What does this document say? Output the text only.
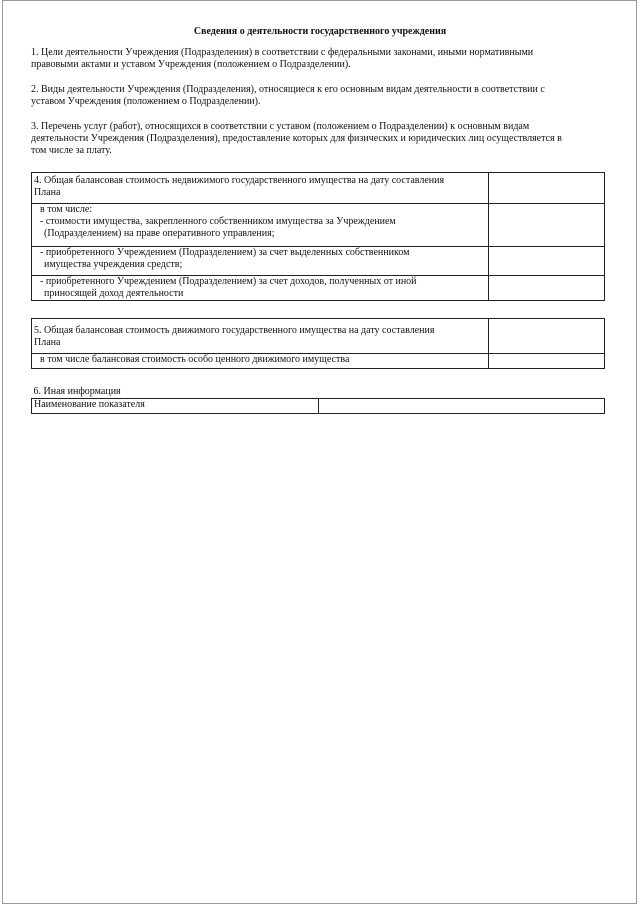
Сведения о деятельности государственного учреждения
1. Цели деятельности Учреждения (Подразделения) в соответствии с федеральными законами, иными нормативными
правовыми актами и уставом Учреждения (положением о Подразделении).
2. Виды деятельности Учреждения (Подразделения), относящиеся к его основным видам деятельности в соответствии с
уставом Учреждения (положением о Подразделении).
3. Перечень услуг (работ), относящихся в соответствии с уставом (положением о Подразделении) к основным видам
деятельности Учреждения (Подразделения), предоставление которых для физических и юридических лиц осуществляется в
том числе за плату.
4. Общая балансовая стоимость недвижимого государственного имущества на дату составления
Плана	

в том числе:
- стоимости имущества, закрепленного собственником имущества за Учреждением
(Подразделением) на праве оперативного управления;	

- приобретенного Учреждением (Подразделением) за счет выделенных собственником
имущества учреждения средств;	

- приобретенного Учреждением (Подразделением) за счет доходов, полученных от иной
приносящей доход деятельности	

5. Общая балансовая стоимость движимого государственного имущества на дату составления
Плана	

в том числе балансовая стоимость особо ценного движимого имущества	

6. Иная информация

Наименование показателя
